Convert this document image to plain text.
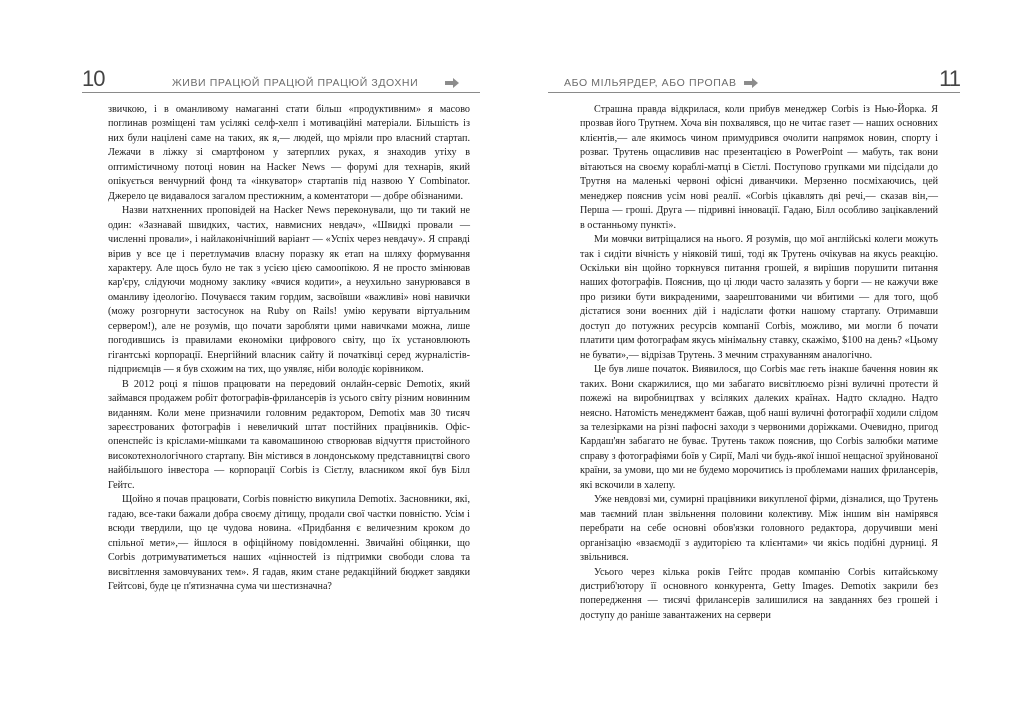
10	ЖИВИ ПРАЦЮЙ ПРАЦЮЙ ПРАЦЮЙ ЗДОХНИ

звичкою, і в оманливому намаганні стати більш «продуктивним» я масово поглинав розміщені там усілякі селф-хелп і мотиваційні матеріали. Більшість із них були націлені саме на таких, як я,— людей, що мріяли про власний стартап. Лежачи в ліжку зі смартфоном у затерплих руках, я знаходив утіху в оптимістичному потоці новин на Hacker News — форумі для технарів, який опікується венчурний фонд та «інкуватор» стартапів під назвою Y Combinator. Джерело це видавалося загалом престижним, а коментатори — добре обізнаними.

Назви натхненних проповідей на Hacker News переконували, що ти такий не один: «Зазнавай швидких, частих, навмисних невдач», «Швидкі провали — численні провали», і найлаконічніший варіант — «Успіх через невдачу». Я справді вірив у все це і перетлумачив власну поразку як етап на шляху формування характеру. Але щось було не так з усією цією самоопікою. Я не просто змінював кар'єру, слідуючи модному заклику «вчися кодити», а неухильно занурювався в оманливу ідеологію. Почуваєся таким гордим, засвоївши «важливі» нові навички (можу розгорнути застосунок на Ruby on Rails! умію керувати віртуальним сервером!), але не розумів, що почати заробляти цими навичками можна, лише погодившись із правилами економіки цифрового світу, що їх установлюють гігантські корпорації. Енергійний власник сайту й початківці серед журналістів-підприємців — я був схожим на тих, що уявляє, ніби володіє корівником.

В 2012 році я пішов працювати на передовий онлайн-сервіс Demotix, який займався продажем робіт фотографів-фрилансерів із усього світу різним новинним виданням. Коли мене призначили головним редактором, Demotix мав 30 тисяч зареєстрованих фотографів і невеличкий штат постійних працівників. Офіс-опенспейс із кріслами-мішками та кавомашиною створював відчуття пристойного високотехнологічного стартапу. Він містився в лондонському представництві свого найбільшого інвестора — корпорації Corbis із Сієтлу, власником якої був Білл Гейтс.

Щойно я почав працювати, Corbis повністю викупила Demotix. Засновники, які, гадаю, все-таки бажали добра своєму дітищу, продали свої частки повністю. Усім і всюди твердили, що це чудова новина. «Придбання є величезним кроком до спільної мети»,— йшлося в офіційному повідомленні. Звичайні обіцянки, що Corbis дотримуватиметься наших «цінностей із підтримки свободи слова та висвітлення замовчуваних тем». Я гадав, яким стане редакційний бюджет завдяки Гейтсові, буде це п'ятизначна сума чи шестизначна?

АБО МІЛЬЯРДЕР, АБО ПРОПАВ	11

Страшна правда відкрилася, коли прибув менеджер Corbis із Нью-Йорка. Я прозвав його Трутнем. Хоча він похвалявся, що не читає газет — наших основних клієнтів,— але якимось чином примудрився очолити напрямок новин, спорту і розваг. Трутень ощасливив нас презентацією в PowerPoint — мабуть, так вони вітаються на своєму кораблі-матці в Сієтлі. Поступово групками ми підсідали до Трутня на маленькі червоні офісні диванчики. Мерзенно посміхаючись, цей менеджер пояснив усім нові реалії. «Corbis цікавлять дві речі,— сказав він,— Перша — гроші. Друга — підривні інновації. Гадаю, Білл особливо зацікавлений в останньому пункті».

Ми мовчки витріщалися на нього. Я розумів, що мої англійські колеги можуть так і сидіти вічність у ніяковій тиші, тоді як Трутень очікував на якусь реакцію. Оскільки він щойно торкнувся питання грошей, я вирішив порушити питання наших фотографів. Пояснив, що ці люди часто залазять у борги — не кажучи вже про ризики бути викраденими, заарештованими чи вбитими — для того, щоб дістатися зони воєнних дій і надіслати фотки нашому стартапу. Отримавши доступ до потужних ресурсів компанії Corbis, можливо, ми могли б почати платити цим фотографам якусь мінімальну ставку, скажімо, $100 на день? «Цьому не бувати»,— відрізав Трутень. З мечним страхуванням аналогічно.

Це був лише початок. Виявилося, що Corbis має геть інакше бачення новин як таких. Вони скаржилися, що ми забагато висвітлюємо різні вуличні протести й пожежі на виробництвах у всіляких далеких країнах. Надто складно. Надто неясно. Натомість менеджмент бажав, щоб наші вуличні фотографії ходили слідом за телезірками на різні пафосні заходи з червоними доріжками. Очевидно, пригод Кардаш'ян забагато не буває. Трутень також пояснив, що Corbis залюбки матиме справу з фотографіями боїв у Сирії, Малі чи будь-якої іншої нещасної зруйнованої країни, за умови, що ми не будемо морочитись із проблемами наших фрилансерів, які вскочили в халепу.

Уже невдовзі ми, сумирні працівники викупленої фірми, дізналися, що Трутень мав таємний план звільнення половини колективу. Між іншим він намірявся перебрати на себе основні обов'язки головного редактора, доручивши мені організацію «взаємодії з аудиторією та клієнтами» чи якісь подібні дурниці. Я звільнився.

Усього через кілька років Гейтс продав компанію Corbis китайському дистриб'ютору її основного конкурента, Getty Images. Demotix закрили без попередження — тисячі фрилансерів залишилися на завданнях без грошей і доступу до раніше завантажених на сервери
